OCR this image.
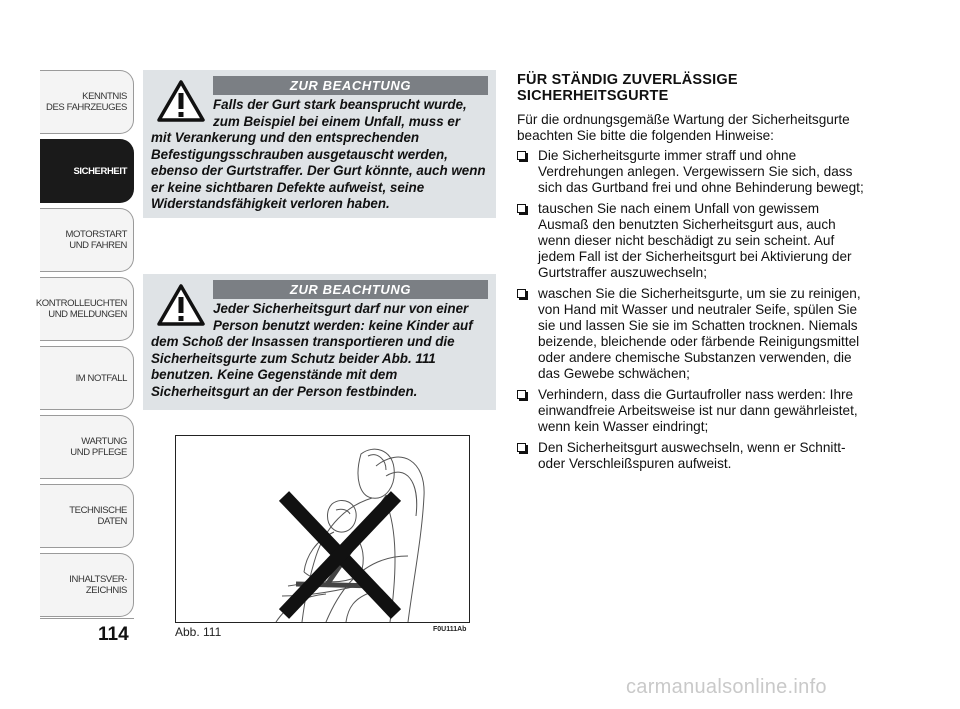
KENNTNIS
DES FAHRZEUGES
SICHERHEIT
MOTORSTART
UND FAHREN
KONTROLLEUCHTEN
UND MELDUNGEN
IM NOTFALL
WARTUNG
UND PFLEGE
TECHNISCHE
DATEN
INHALTSVER-
ZEICHNIS
114
ZUR BEACHTUNG
Falls der Gurt stark beansprucht wurde, zum Beispiel bei einem Unfall, muss er
mit Verankerung und den entsprechenden Befestigungsschrauben ausgetauscht werden, ebenso der Gurtstraffer. Der Gurt könnte, auch wenn er keine sichtbaren Defekte aufweist, seine Widerstandsfähigkeit verloren haben.
ZUR BEACHTUNG
Jeder Sicherheitsgurt darf nur von einer Person benutzt werden: keine Kinder auf
dem Schoß der Insassen transportieren und die Sicherheitsgurte zum Schutz beider Abb. 111 benutzen. Keine Gegenstände mit dem Sicherheitsgurt an der Person festbinden.
Abb. 111	F0U111Ab
FÜR STÄNDIG ZUVERLÄSSIGE SICHERHEITSGURTE

Für die ordnungsgemäße Wartung der Sicherheitsgurte beachten Sie bitte die folgenden Hinweise:

Die Sicherheitsgurte immer straff und ohne Verdrehungen anlegen. Vergewissern Sie sich, dass sich das Gurtband frei und ohne Behinderung bewegt;
tauschen Sie nach einem Unfall von gewissem Ausmaß den benutzten Sicherheitsgurt aus, auch wenn dieser nicht beschädigt zu sein scheint. Auf jedem Fall ist der Sicherheitsgurt bei Aktivierung der Gurtstraffer auszuwechseln;
waschen Sie die Sicherheitsgurte, um sie zu reinigen, von Hand mit Wasser und neutraler Seife, spülen Sie sie und lassen Sie sie im Schatten trocknen. Niemals beizende, bleichende oder färbende Reinigungsmittel oder andere chemische Substanzen verwenden, die das Gewebe schwächen;
Verhindern, dass die Gurtaufroller nass werden: Ihre einwandfreie Arbeitsweise ist nur dann gewährleistet, wenn kein Wasser eindringt;
Den Sicherheitsgurt auswechseln, wenn er Schnitt- oder Verschleißspuren aufweist.
carmanualsonline.info
